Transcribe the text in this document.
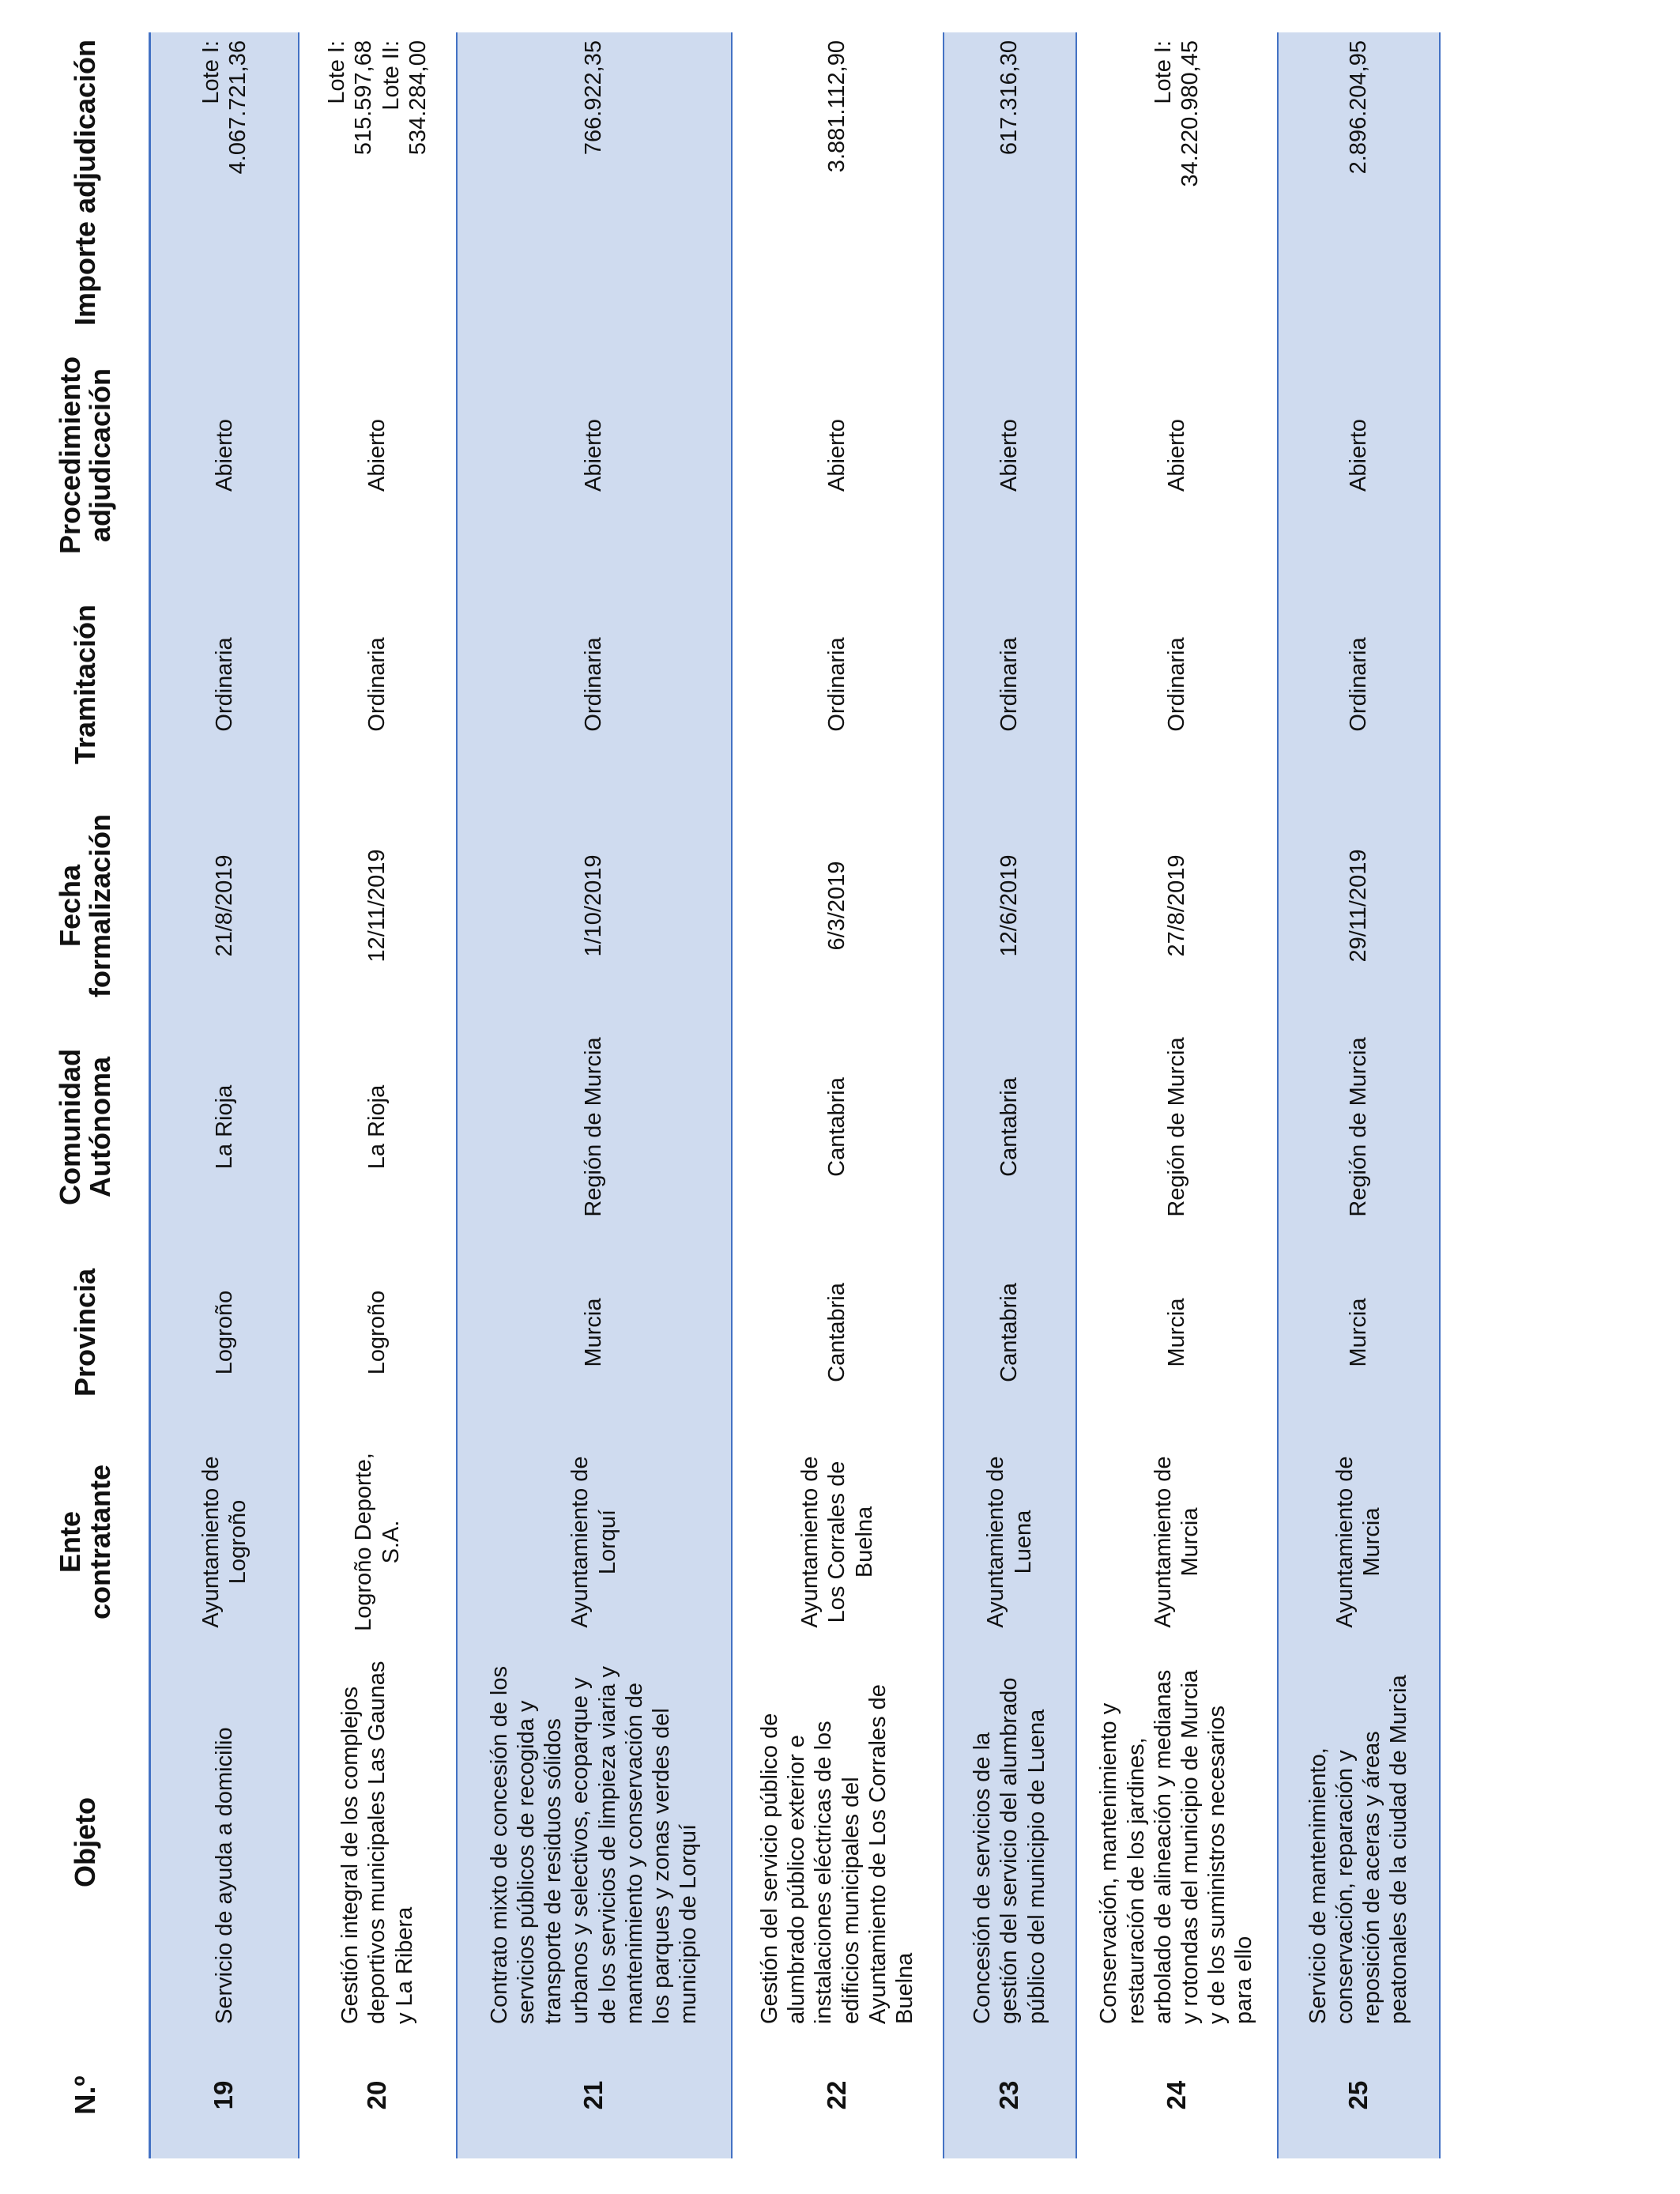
N.º	Objeto	Ente contratante	Provincia	Comunidad Autónoma	Fecha formalización	Tramitación	Procedimiento adjudicación	Importe adjudicación
19	Servicio de ayuda a domicilio	Ayuntamiento de Logroño	Logroño	La Rioja	21/8/2019	Ordinaria	Abierto	Lote I: 4.067.721,36

20	Gestión integral de los complejos deportivos municipales Las Gaunas y La Ribera	Logroño Deporte, S.A.	Logroño	La Rioja	12/11/2019	Ordinaria	Abierto	Lote I: 515.597,68 Lote II: 534.284,00

21	Contrato mixto de concesión de los servicios públicos de recogida y transporte de residuos sólidos urbanos y selectivos, ecoparque y de los servicios de limpieza viaria y mantenimiento y conservación de los parques y zonas verdes del municipio de Lorquí	Ayuntamiento de Lorquí	Murcia	Región de Murcia	1/10/2019	Ordinaria	Abierto	766.922,35

22	Gestión del servicio público de alumbrado público exterior e instalaciones eléctricas de los edificios municipales del Ayuntamiento de Los Corrales de Buelna	Ayuntamiento de Los Corrales de Buelna	Cantabria	Cantabria	6/3/2019	Ordinaria	Abierto	3.881.112,90

23	Concesión de servicios de la gestión del servicio del alumbrado público del municipio de Luena	Ayuntamiento de Luena	Cantabria	Cantabria	12/6/2019	Ordinaria	Abierto	617.316,30

24	Conservación, mantenimiento y restauración de los jardines, arbolado de alineación y medianas y rotondas del municipio de Murcia y de los suministros necesarios para ello	Ayuntamiento de Murcia	Murcia	Región de Murcia	27/8/2019	Ordinaria	Abierto	Lote I: 34.220.980,45

25	Servicio de mantenimiento, conservación, reparación y reposición de aceras y áreas peatonales de la ciudad de Murcia	Ayuntamiento de Murcia	Murcia	Región de Murcia	29/11/2019	Ordinaria	Abierto	2.896.204,95
